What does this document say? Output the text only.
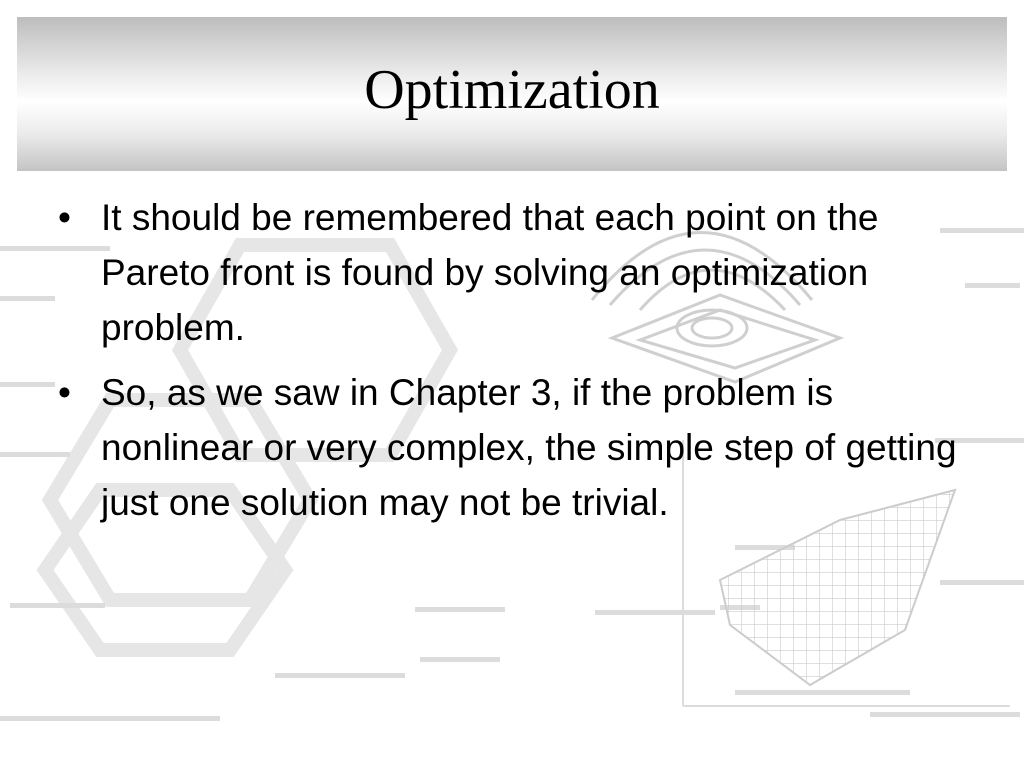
Optimization
• It should be remembered that each point on the Pareto front is found by solving an optimization problem.
• So, as we saw in Chapter 3, if the problem is nonlinear or very complex, the simple step of getting just one solution may not be trivial.
